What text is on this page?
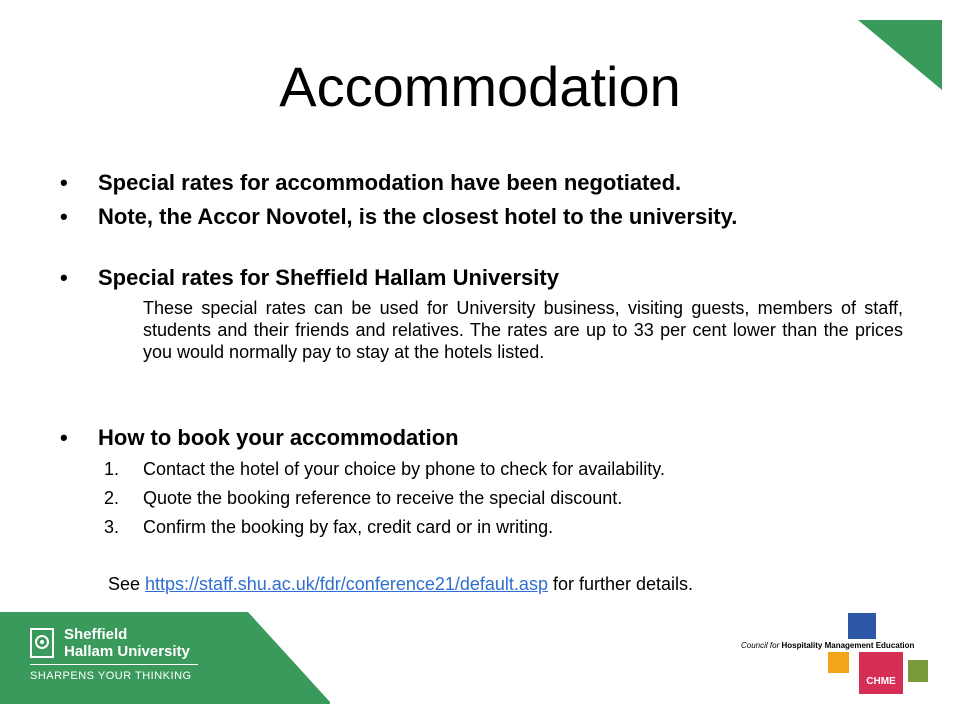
Accommodation
• Special rates for accommodation have been negotiated.
• Note, the Accor Novotel, is the closest hotel to the university.
• Special rates for Sheffield Hallam University
These special rates can be used for University business, visiting guests, members of staff, students and their friends and relatives. The rates are up to 33 per cent lower than the prices you would normally pay to stay at the hotels listed.
• How to book your accommodation
1.	Contact the hotel of your choice by phone to check for availability.
2.	Quote the booking reference to receive the special discount.
3.	Confirm the booking by fax, credit card or in writing.
See https://staff.shu.ac.uk/fdr/conference21/default.asp for further details.
Sheffield
Hallam University
SHARPENS YOUR THINKING
Council for Hospitality Management Education
CHME
